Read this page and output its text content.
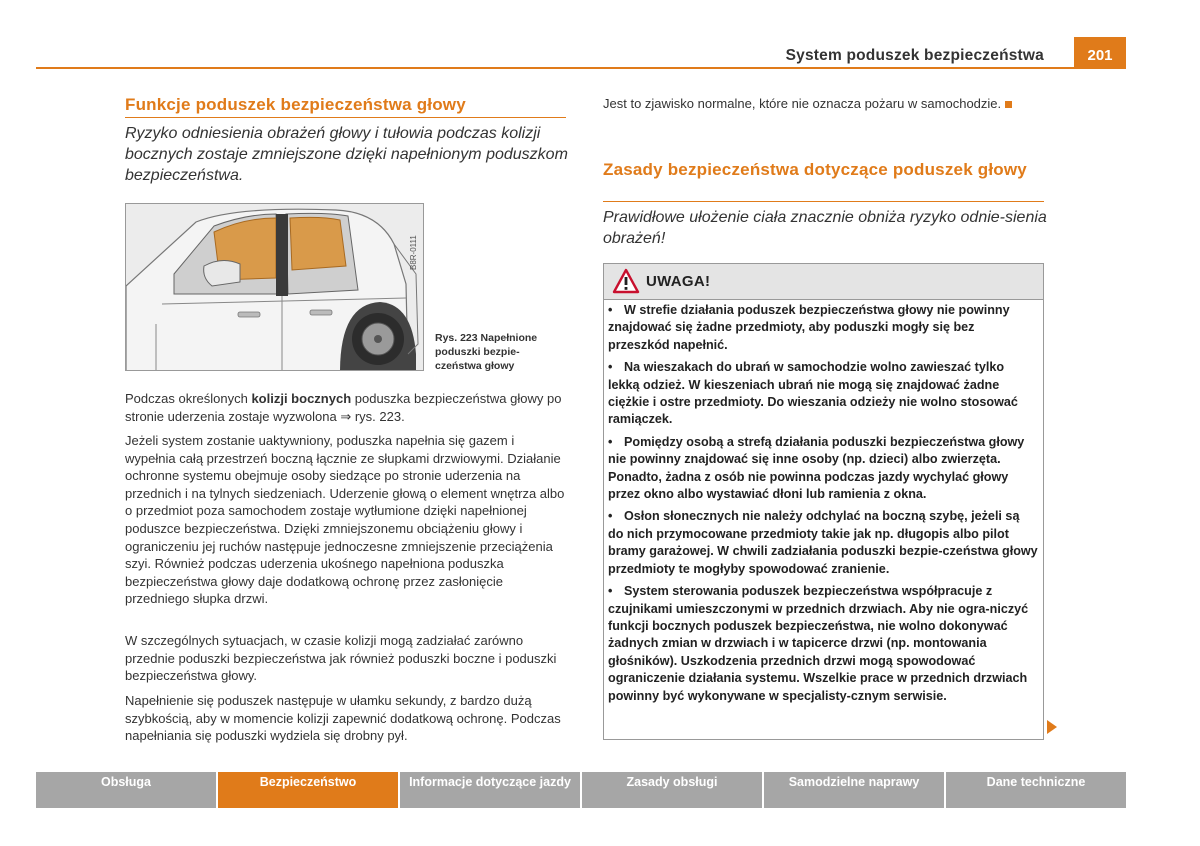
System poduszek bezpieczeństwa	201
Funkcje poduszek bezpieczeństwa głowy
Ryzyko odniesienia obrażeń głowy i tułowia podczas kolizji bocznych zostaje zmniejszone dzięki napełnionym poduszkom bezpieczeństwa.
B8R-0111
Rys. 223 Napełnione poduszki bezpie-czeństwa głowy
Podczas określonych kolizji bocznych poduszka bezpieczeństwa głowy po stronie uderzenia zostaje wyzwolona ⇒ rys. 223.
Jeżeli system zostanie uaktywniony, poduszka napełnia się gazem i wypełnia całą przestrzeń boczną łącznie ze słupkami drzwiowymi. Działanie ochronne systemu obejmuje osoby siedzące po stronie uderzenia na przednich i na tylnych siedzeniach. Uderzenie głową o element wnętrza albo o przedmiot poza samochodem zostaje wytłumione dzięki napełnionej poduszce bezpieczeństwa. Dzięki zmniejszonemu obciążeniu głowy i ograniczeniu jej ruchów następuje jednoczesne zmniejszenie przeciążenia szyi. Również podczas uderzenia ukośnego napełniona poduszka bezpieczeństwa głowy daje dodatkową ochronę przez zasłonięcie przedniego słupka drzwi.
W szczególnych sytuacjach, w czasie kolizji mogą zadziałać zarówno przednie poduszki bezpieczeństwa jak również poduszki boczne i poduszki bezpieczeństwa głowy.
Napełnienie się poduszek następuje w ułamku sekundy, z bardzo dużą szybkością, aby w momencie kolizji zapewnić dodatkową ochronę. Podczas napełniania się poduszki wydziela się drobny pył.
Jest to zjawisko normalne, które nie oznacza pożaru w samochodzie.
Zasady bezpieczeństwa dotyczące poduszek głowy
Prawidłowe ułożenie ciała znacznie obniża ryzyko odnie-sienia obrażeń!
UWAGA!
• W strefie działania poduszek bezpieczeństwa głowy nie powinny znajdować się żadne przedmioty, aby poduszki mogły się bez przeszkód napełnić.
• Na wieszakach do ubrań w samochodzie wolno zawieszać tylko lekką odzież. W kieszeniach ubrań nie mogą się znajdować żadne ciężkie i ostre przedmioty. Do wieszania odzieży nie wolno stosować ramiączek.
• Pomiędzy osobą a strefą działania poduszki bezpieczeństwa głowy nie powinny znajdować się inne osoby (np. dzieci) albo zwierzęta. Ponadto, żadna z osób nie powinna podczas jazdy wychylać głowy przez okno albo wystawiać dłoni lub ramienia z okna.
• Osłon słonecznych nie należy odchylać na boczną szybę, jeżeli są do nich przymocowane przedmioty takie jak np. długopis albo pilot bramy garażowej. W chwili zadziałania poduszki bezpie-czeństwa głowy przedmioty te mogłyby spowodować zranienie.
• System sterowania poduszek bezpieczeństwa współpracuje z czujnikami umieszczonymi w przednich drzwiach. Aby nie ogra-niczyć funkcji bocznych poduszek bezpieczeństwa, nie wolno dokonywać żadnych zmian w drzwiach i w tapicerce drzwi (np. montowania głośników). Uszkodzenia przednich drzwi mogą spowodować ograniczenie działania systemu. Wszelkie prace w przednich drzwiach powinny być wykonywane w specjalisty-cznym serwisie.
Obsługa	Bezpieczeństwo	Informacje dotyczące jazdy	Zasady obsługi	Samodzielne naprawy	Dane techniczne
